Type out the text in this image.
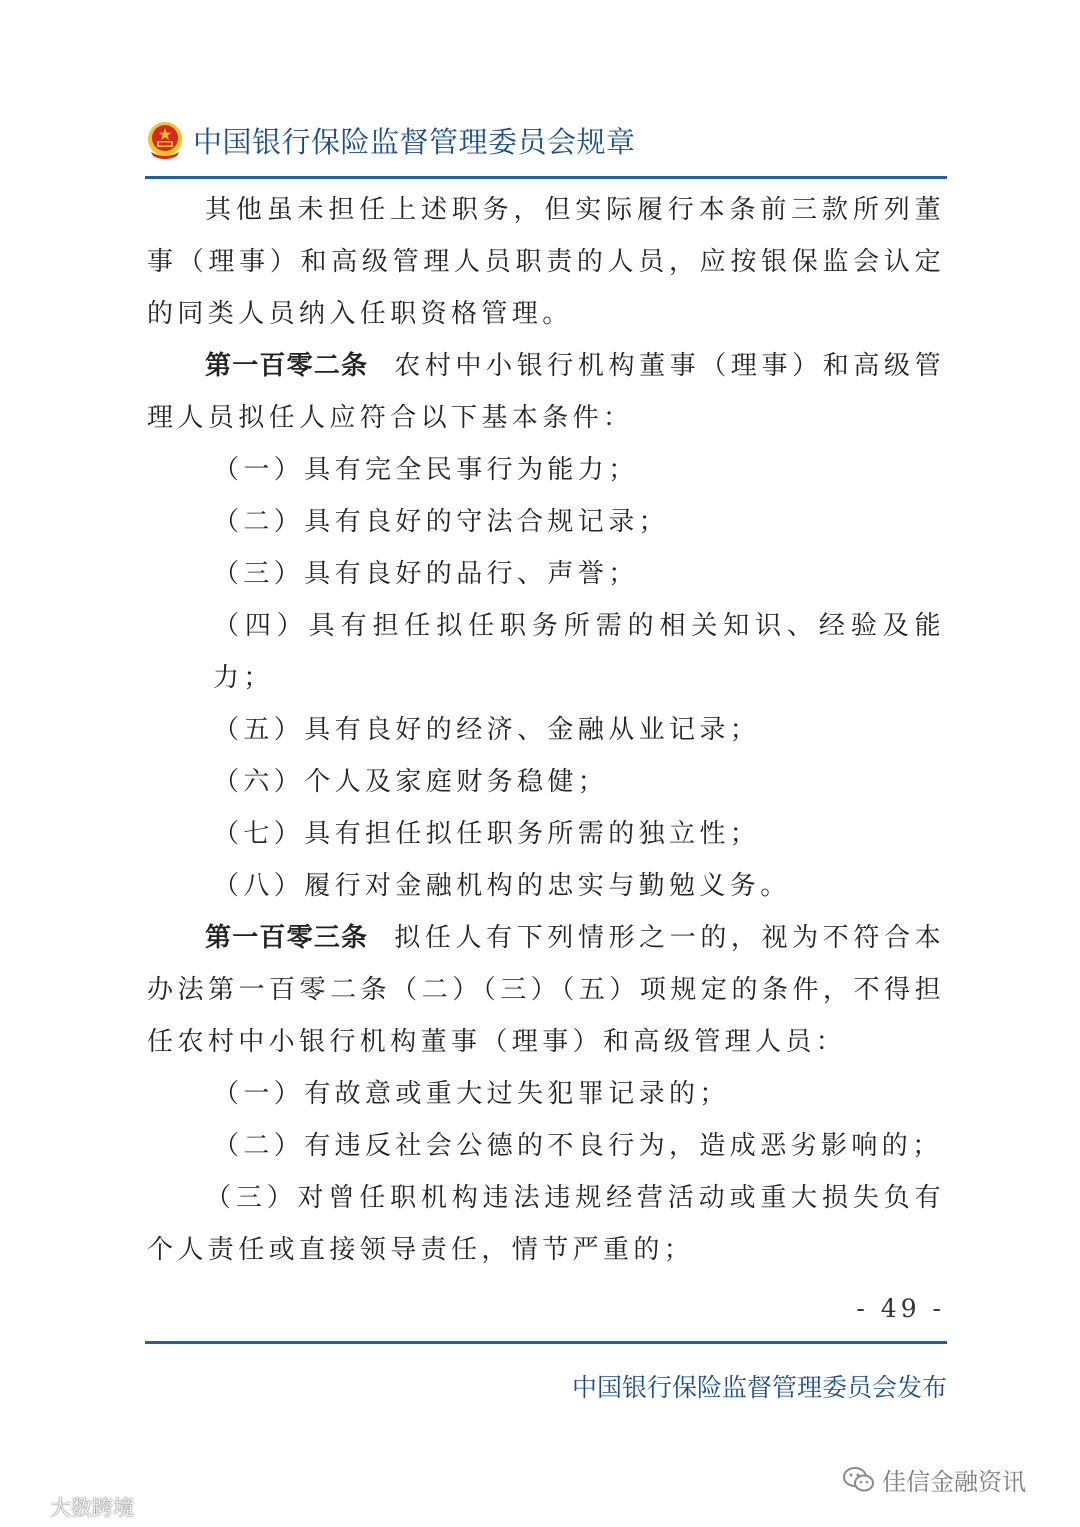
中国银行保险监督管理委员会规章

其他虽未担任上述职务，但实际履行本条前三款所列董事（理事）和高级管理人员职责的人员，应按银保监会认定的同类人员纳入任职资格管理。

第一百零二条 农村中小银行机构董事（理事）和高级管理人员拟任人应符合以下基本条件：

（一）具有完全民事行为能力；

（二）具有良好的守法合规记录；

（三）具有良好的品行、声誉；

（四）具有担任拟任职务所需的相关知识、经验及能力；

（五）具有良好的经济、金融从业记录；

（六）个人及家庭财务稳健；

（七）具有担任拟任职务所需的独立性；

（八）履行对金融机构的忠实与勤勉义务。

第一百零三条 拟任人有下列情形之一的，视为不符合本办法第一百零二条（二）（三）（五）项规定的条件，不得担任农村中小银行机构董事（理事）和高级管理人员：

（一）有故意或重大过失犯罪记录的；

（二）有违反社会公德的不良行为，造成恶劣影响的；

（三）对曾任职机构违法违规经营活动或重大损失负有个人责任或直接领导责任，情节严重的；

- 49 -
中国银行保险监督管理委员会发布
佳信金融资讯
大数跨境
